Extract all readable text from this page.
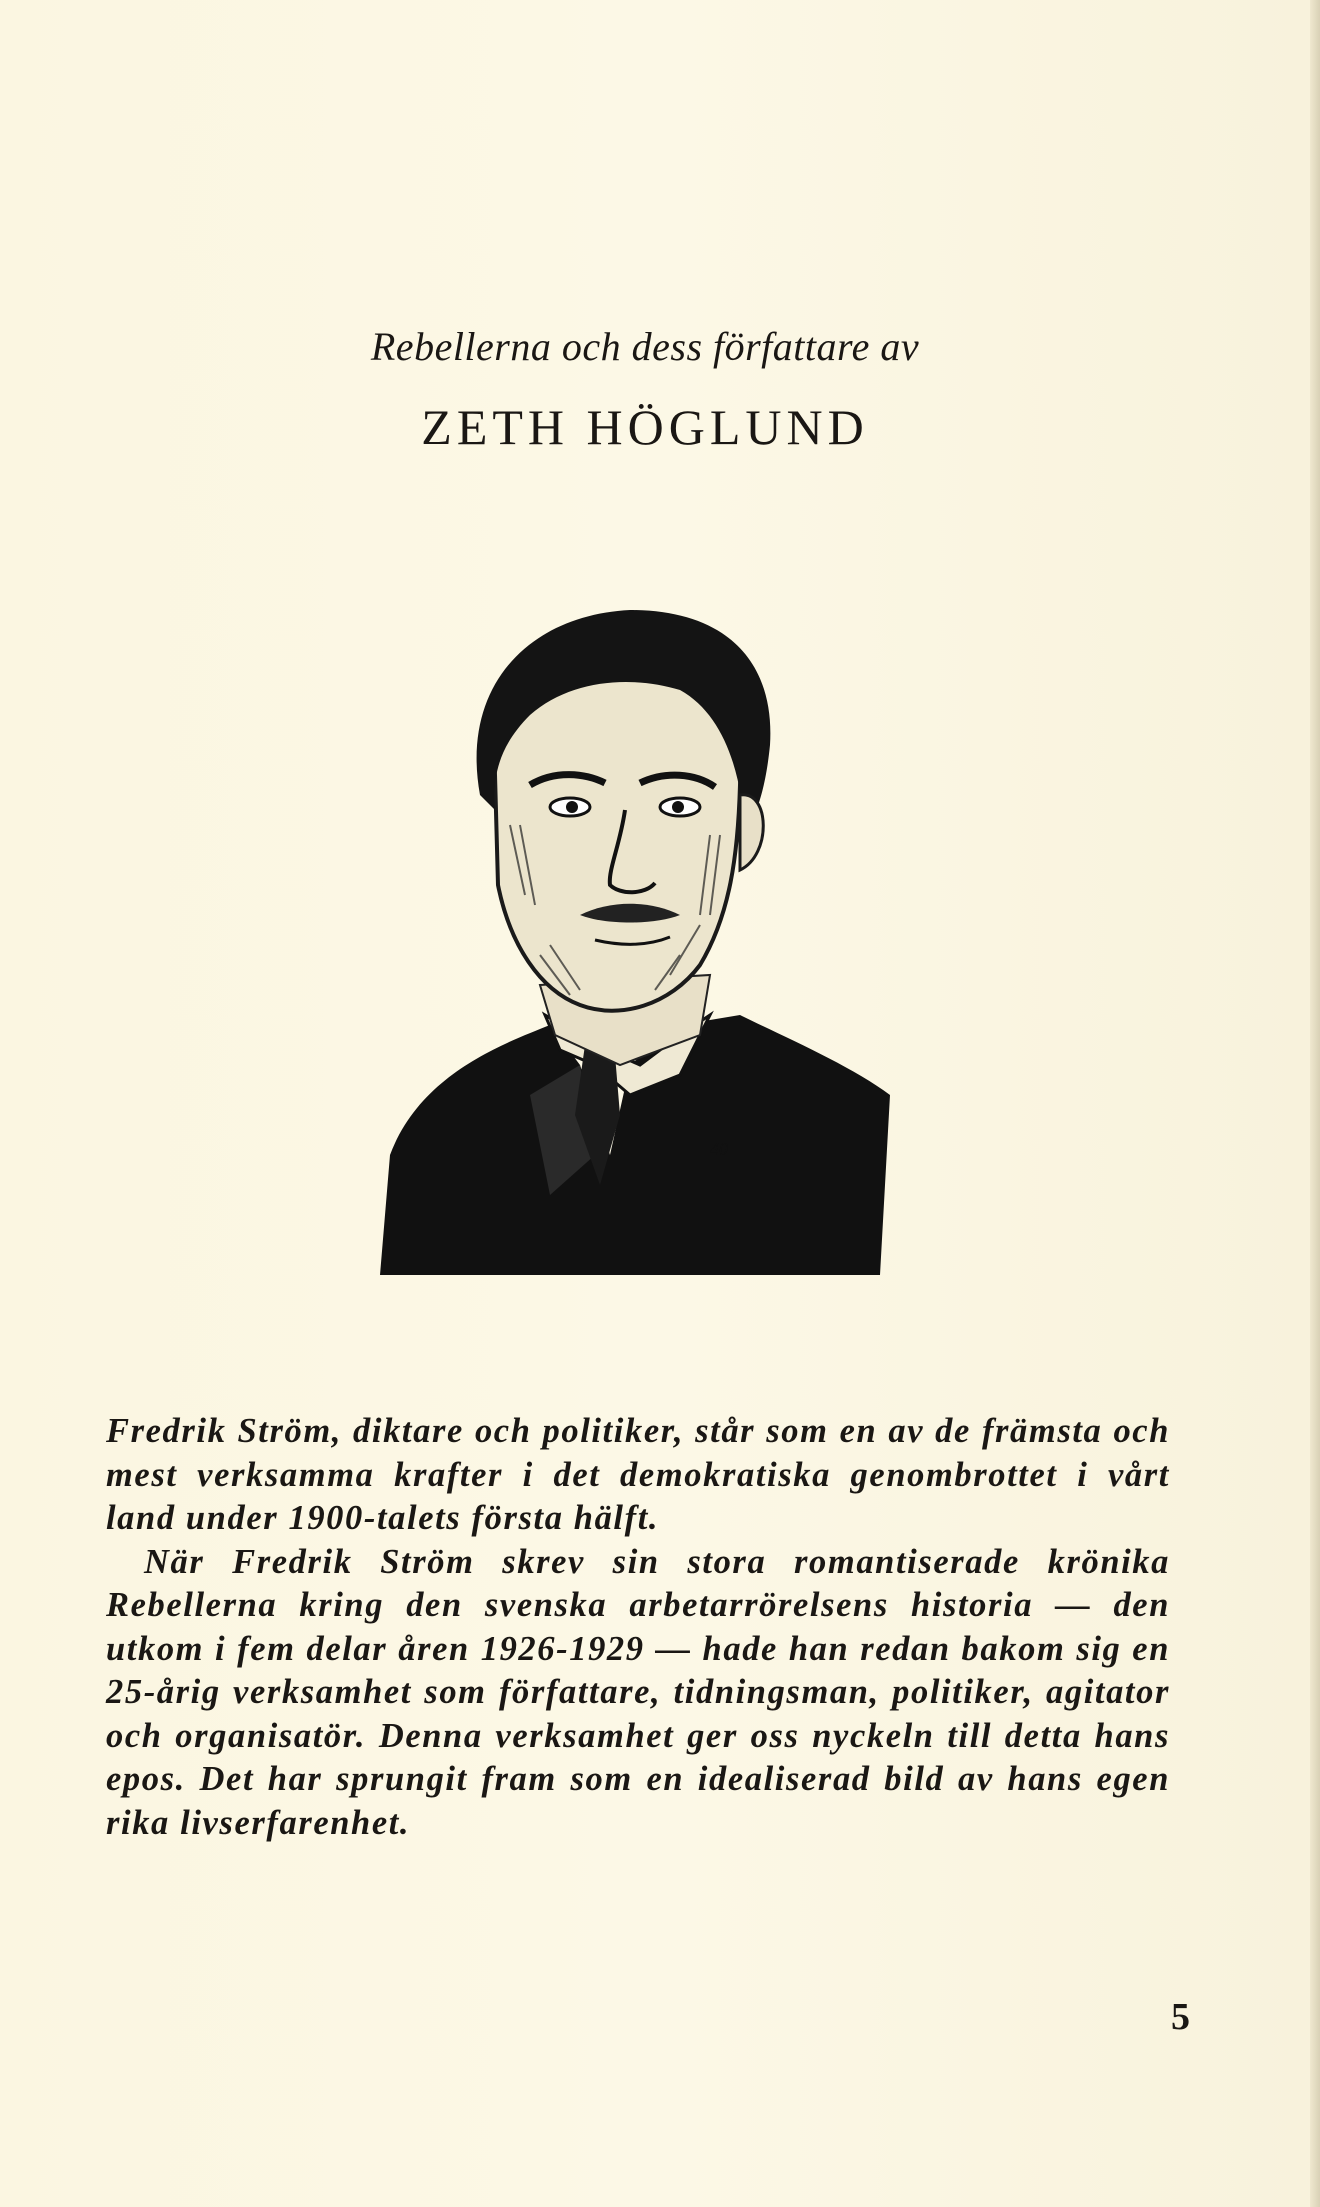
Rebellerna och dess författare av
ZETH HÖGLUND
40

Fredrik Ström, diktare och politiker, står som en av de främsta och mest verksamma krafter i det demokratiska genombrottet i vårt land under 1900-talets första hälft.

När Fredrik Ström skrev sin stora romantiserade krönika Rebellerna kring den svenska arbetarrörelsens historia — den utkom i fem delar åren 1926-1929 — hade han redan bakom sig en 25-årig verksamhet som författare, tidningsman, politiker, agitator och organisatör. Denna verksamhet ger oss nyckeln till detta hans epos. Det har sprungit fram som en idealiserad bild av hans egen rika livserfarenhet.

5
